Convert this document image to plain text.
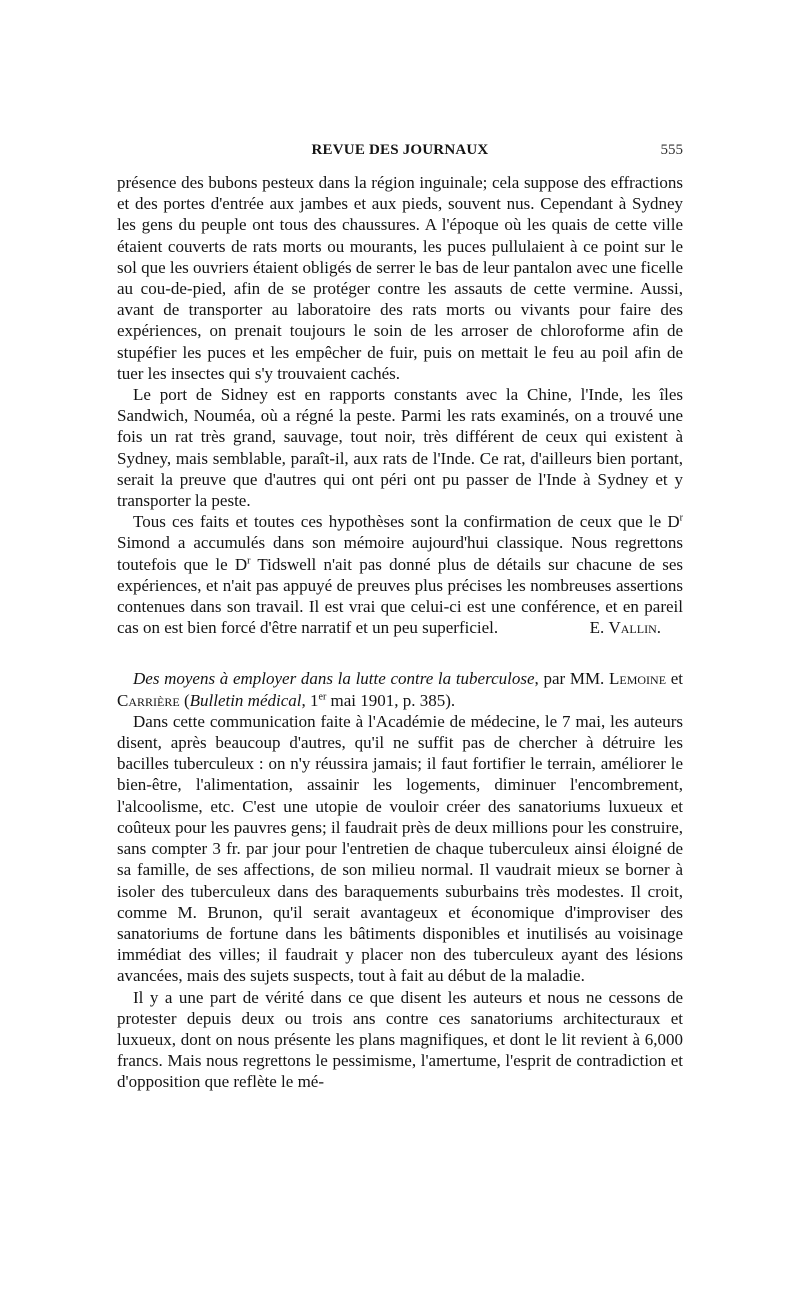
REVUE DES JOURNAUX	555

présence des bubons pesteux dans la région inguinale; cela suppose des effractions et des portes d'entrée aux jambes et aux pieds, souvent nus. Cependant à Sydney les gens du peuple ont tous des chaussures. A l'époque où les quais de cette ville étaient couverts de rats morts ou mourants, les puces pullulaient à ce point sur le sol que les ouvriers étaient obligés de serrer le bas de leur pantalon avec une ficelle au cou-de-pied, afin de se protéger contre les assauts de cette vermine. Aussi, avant de transporter au laboratoire des rats morts ou vivants pour faire des expériences, on prenait toujours le soin de les arroser de chloroforme afin de stupéfier les puces et les empêcher de fuir, puis on mettait le feu au poil afin de tuer les insectes qui s'y trouvaient cachés.

Le port de Sidney est en rapports constants avec la Chine, l'Inde, les îles Sandwich, Nouméa, où a régné la peste. Parmi les rats examinés, on a trouvé une fois un rat très grand, sauvage, tout noir, très différent de ceux qui existent à Sydney, mais semblable, paraît-il, aux rats de l'Inde. Ce rat, d'ailleurs bien portant, serait la preuve que d'autres qui ont péri ont pu passer de l'Inde à Sydney et y transporter la peste.

Tous ces faits et toutes ces hypothèses sont la confirmation de ceux que le $D^r$ Simond a accumulés dans son mémoire aujourd'hui classique. Nous regrettons toutefois que le $D^r$ Tidswell n'ait pas donné plus de détails sur chacune de ses expériences, et n'ait pas appuyé de preuves plus précises les nombreuses assertions contenues dans son travail. Il est vrai que celui-ci est une conférence, et en pareil cas on est bien forcé d'être narratif et un peu superficiel.	E. Vallin.

Des moyens à employer dans la lutte contre la tuberculose, par MM. Lemoine et Carrière (Bulletin médical, 1er mai 1901, p. 385).

Dans cette communication faite à l'Académie de médecine, le 7 mai, les auteurs disent, après beaucoup d'autres, qu'il ne suffit pas de chercher à détruire les bacilles tuberculeux : on n'y réussira jamais; il faut fortifier le terrain, améliorer le bien-être, l'alimentation, assainir les logements, diminuer l'encombrement, l'alcoolisme, etc. C'est une utopie de vouloir créer des sanatoriums luxueux et coûteux pour les pauvres gens; il faudrait près de deux millions pour les construire, sans compter 3 fr. par jour pour l'entretien de chaque tuberculeux ainsi éloigné de sa famille, de ses affections, de son milieu normal. Il vaudrait mieux se borner à isoler des tuberculeux dans des baraquements suburbains très modestes. Il croit, comme M. Brunon, qu'il serait avantageux et économique d'improviser des sanatoriums de fortune dans les bâtiments disponibles et inutilisés au voisinage immédiat des villes; il faudrait y placer non des tuberculeux ayant des lésions avancées, mais des sujets suspects, tout à fait au début de la maladie.

Il y a une part de vérité dans ce que disent les auteurs et nous ne cessons de protester depuis deux ou trois ans contre ces sanatoriums architecturaux et luxueux, dont on nous présente les plans magnifiques, et dont le lit revient à 6,000 francs. Mais nous regrettons le pessimisme, l'amertume, l'esprit de contradiction et d'opposition que reflète le mé-
